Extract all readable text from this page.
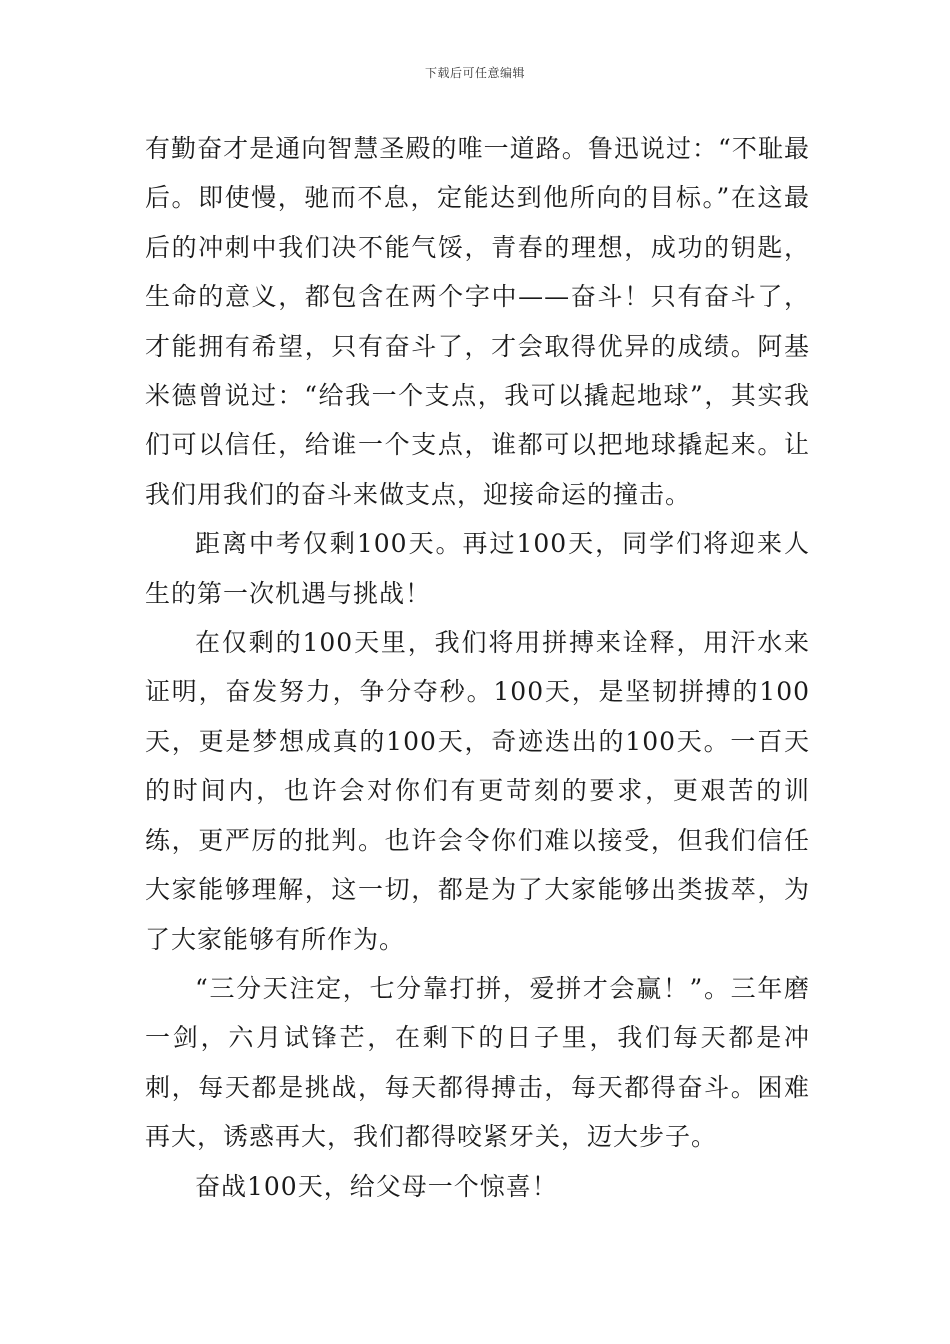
下载后可任意编辑

有勤奋才是通向智慧圣殿的唯一道路。鲁迅说过：“不耻最后。即使慢，驰而不息，定能达到他所向的目标。”在这最后的冲刺中我们决不能气馁，青春的理想，成功的钥匙，生命的意义，都包含在两个字中——奋斗！只有奋斗了，才能拥有希望，只有奋斗了，才会取得优异的成绩。阿基米德曾说过：“给我一个支点，我可以撬起地球”，其实我们可以信任，给谁一个支点，谁都可以把地球撬起来。让我们用我们的奋斗来做支点，迎接命运的撞击。

距离中考仅剩100天。再过100天，同学们将迎来人生的第一次机遇与挑战！

在仅剩的100天里，我们将用拼搏来诠释，用汗水来证明，奋发努力，争分夺秒。100天，是坚韧拼搏的100天，更是梦想成真的100天，奇迹迭出的100天。一百天的时间内，也许会对你们有更苛刻的要求，更艰苦的训练，更严厉的批判。也许会令你们难以接受，但我们信任大家能够理解，这一切，都是为了大家能够出类拔萃，为了大家能够有所作为。

“三分天注定，七分靠打拼，爱拼才会赢！”。三年磨一剑，六月试锋芒，在剩下的日子里，我们每天都是冲刺，每天都是挑战，每天都得搏击，每天都得奋斗。困难再大，诱惑再大，我们都得咬紧牙关，迈大步子。

奋战100天，给父母一个惊喜！
